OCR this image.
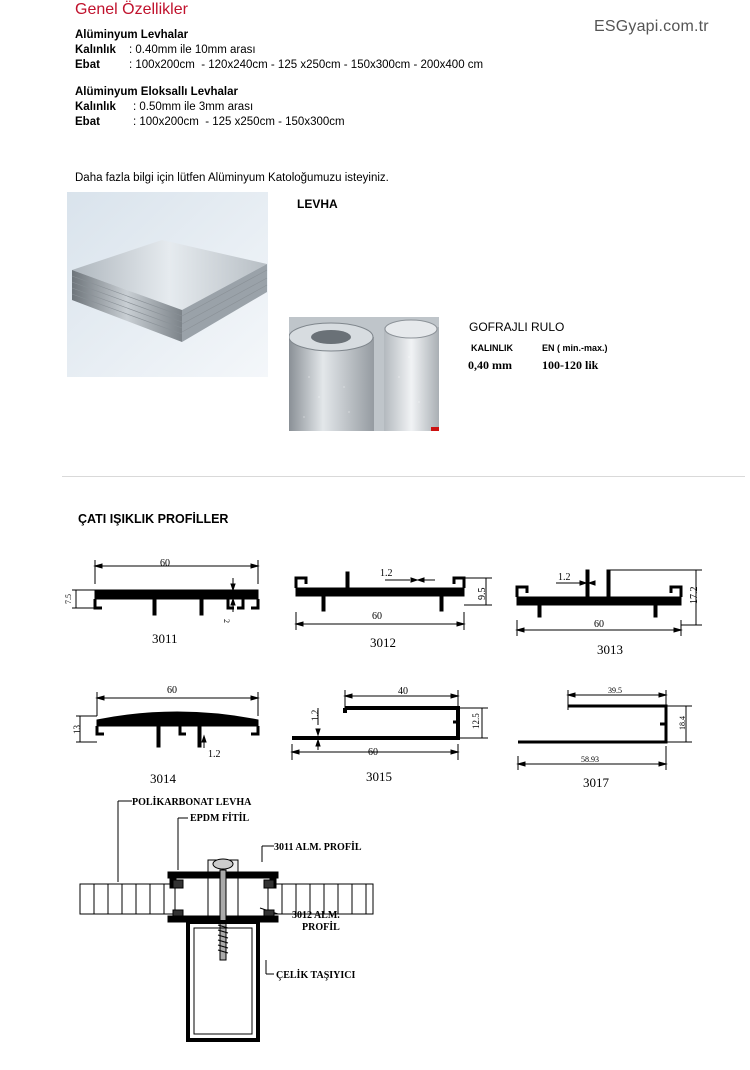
Genel Özellikler
ESGyapi.com.tr
Alüminyum Levhalar
Kalınlık : 0.40mm ile 10mm arası
Ebat	: 100x200cm  - 120x240cm - 125 x250cm - 150x300cm - 200x400 cm
Alüminyum Eloksallı Levhalar
Kalınlık : 0.50mm ile 3mm arası
Ebat	: 100x200cm  - 125 x250cm - 150x300cm
Daha fazla bilgi için lütfen Alüminyum Katoloğumuzu isteyiniz.
LEVHA
GOFRAJLI RULO
KALINLIK	EN ( min.-max.)
0,40 mm	100-120 lik
ÇATI IŞIKLIK PROFİLLER
60
7.5
2
1.2
9.5
60
1.2
17.2
60
60
13
1.2
40
1.2	12.5
60
39.5
18.4
58.93
3011	3012	3013
3014	3015	3017
POLİKARBONAT LEVHA
EPDM FİTİL
3011 ALM. PROFİL
3012 ALM.
PROFİL
ÇELİK TAŞIYICI
